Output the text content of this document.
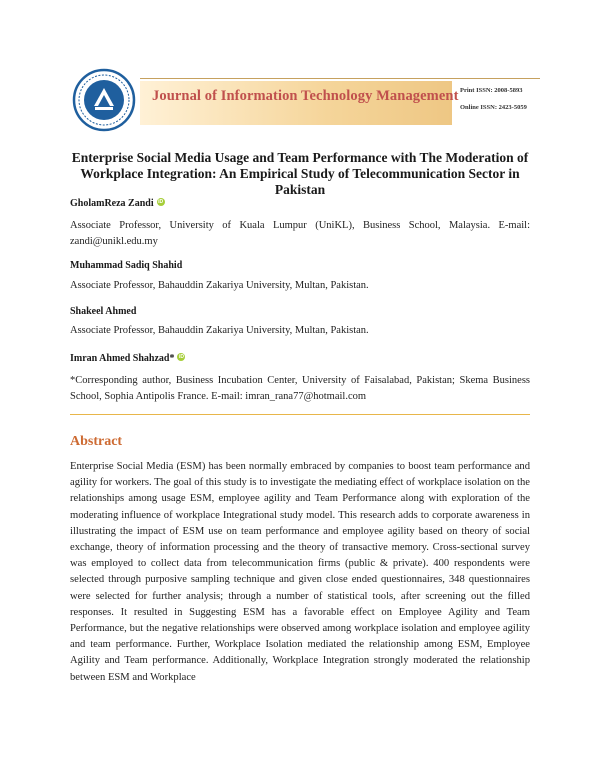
Journal of Information Technology Management Print ISSN: 2008-5893
Online ISSN: 2423-5059
Enterprise Social Media Usage and Team Performance with The Moderation of Workplace Integration: An Empirical Study of Telecommunication Sector in Pakistan
GholamReza Zandi iD
Associate Professor, University of Kuala Lumpur (UniKL), Business School, Malaysia. E-mail: zandi@unikl.edu.my
Muhammad Sadiq Shahid
Associate Professor, Bahauddin Zakariya University, Multan, Pakistan.
Shakeel Ahmed
Associate Professor, Bahauddin Zakariya University, Multan, Pakistan.
Imran Ahmed Shahzad* iD
*Corresponding author, Business Incubation Center, University of Faisalabad, Pakistan; Skema Business School, Sophia Antipolis France. E-mail: imran_rana77@hotmail.com
Abstract
Enterprise Social Media (ESM) has been normally embraced by companies to boost team performance and agility for workers. The goal of this study is to investigate the mediating effect of workplace isolation on the relationships among usage ESM, employee agility and Team Performance along with exploration of the moderating influence of workplace Integrational study model. This research adds to corporate awareness in illustrating the impact of ESM use on team performance and employee agility based on theory of social exchange, theory of information processing and the theory of transactive memory. Cross-sectional survey was employed to collect data from telecommunication firms (public & private). 400 respondents were selected through purposive sampling technique and given close ended questionnaires, 348 questionnaires were selected for further analysis; through a number of statistical tools, after screening out the filled responses. It resulted in Suggesting ESM has a favorable effect on Employee Agility and Team Performance, but the negative relationships were observed among workplace isolation and employee agility and team performance. Further, Workplace Isolation mediated the relationship among ESM, Employee Agility and Team performance. Additionally, Workplace Integration strongly moderated the relationship between ESM and Workplace
